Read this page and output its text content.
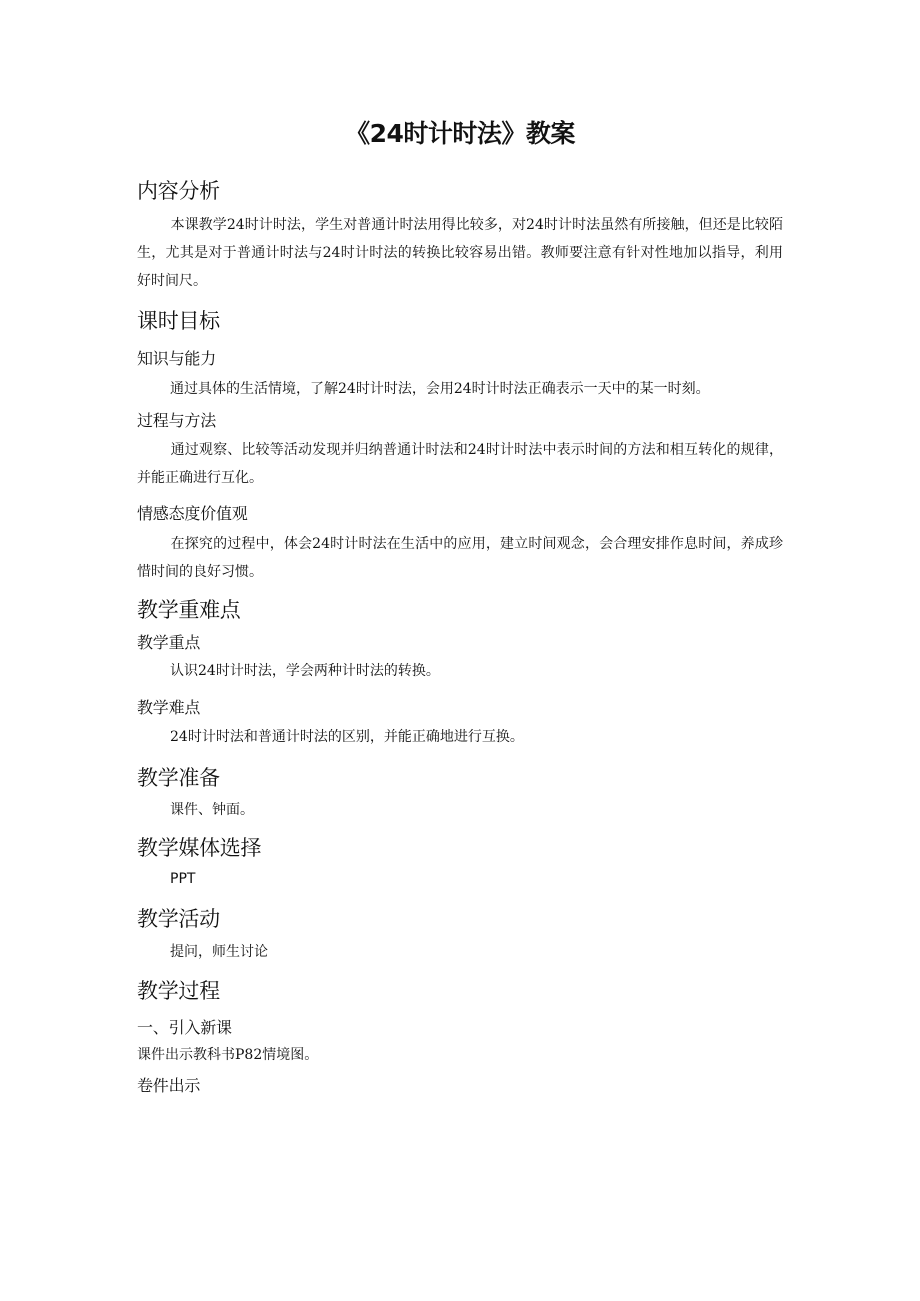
《24时计时法》教案
内容分析
本课教学24时计时法，学生对普通计时法用得比较多，对24时计时法虽然有所接触，但还是比较陌生，尤其是对于普通计时法与24时计时法的转换比较容易出错。教师要注意有针对性地加以指导，利用好时间尺。
课时目标
知识与能力
通过具体的生活情境，了解24时计时法，会用24时计时法正确表示一天中的某一时刻。
过程与方法
通过观察、比较等活动发现并归纳普通计时法和24时计时法中表示时间的方法和相互转化的规律，并能正确进行互化。
情感态度价值观
在探究的过程中，体会24时计时法在生活中的应用，建立时间观念，会合理安排作息时间，养成珍惜时间的良好习惯。
教学重难点
教学重点
认识24时计时法，学会两种计时法的转换。
教学难点
24时计时法和普通计时法的区别，并能正确地进行互换。
教学准备
课件、钟面。
教学媒体选择
PPT
教学活动
提问，师生讨论
教学过程
一、引入新课
课件出示教科书P82情境图。
卷件出示
